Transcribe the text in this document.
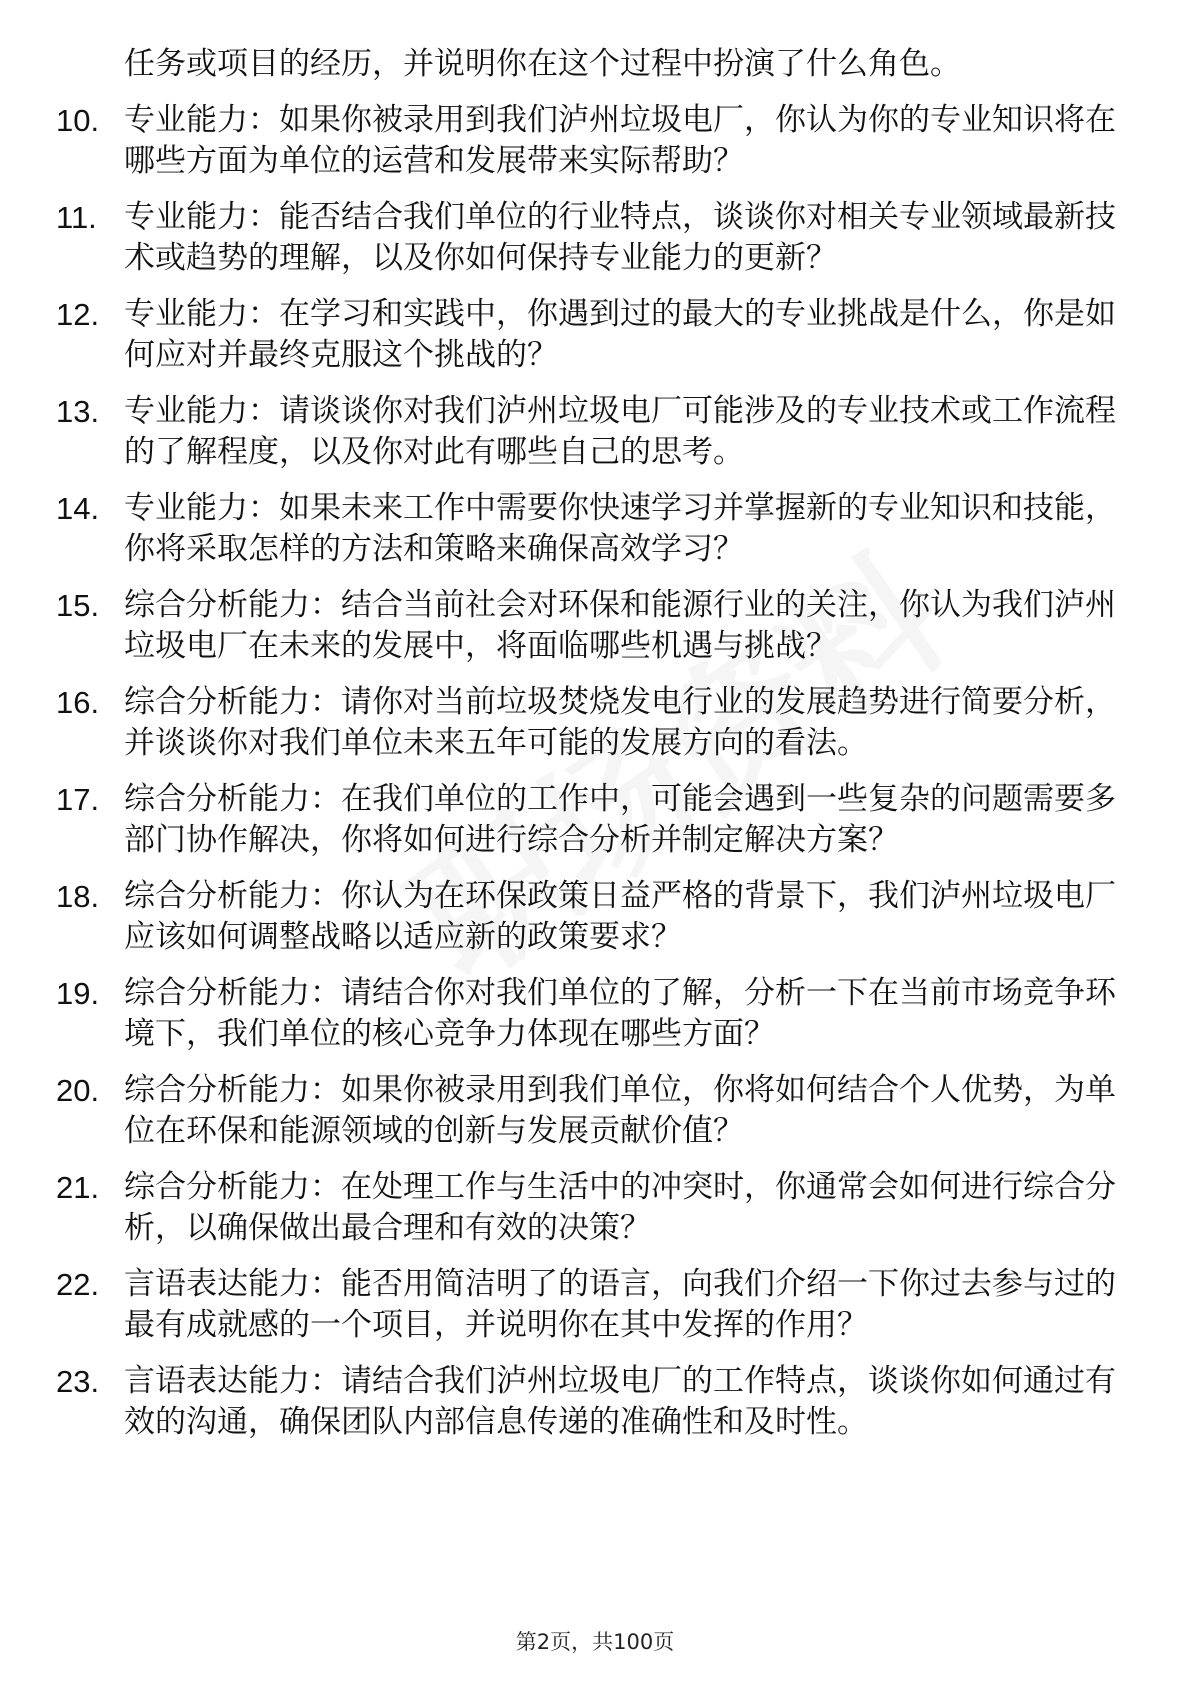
任务或项目的经历，并说明你在这个过程中扮演了什么角色。
10. 专业能力：如果你被录用到我们泸州垃圾电厂，你认为你的专业知识将在哪些方面为单位的运营和发展带来实际帮助？
11. 专业能力：能否结合我们单位的行业特点，谈谈你对相关专业领域最新技术或趋势的理解，以及你如何保持专业能力的更新？
12. 专业能力：在学习和实践中，你遇到过的最大的专业挑战是什么，你是如何应对并最终克服这个挑战的？
13. 专业能力：请谈谈你对我们泸州垃圾电厂可能涉及的专业技术或工作流程的了解程度，以及你对此有哪些自己的思考。
14. 专业能力：如果未来工作中需要你快速学习并掌握新的专业知识和技能，你将采取怎样的方法和策略来确保高效学习？
15. 综合分析能力：结合当前社会对环保和能源行业的关注，你认为我们泸州垃圾电厂在未来的发展中，将面临哪些机遇与挑战？
16. 综合分析能力：请你对当前垃圾焚烧发电行业的发展趋势进行简要分析，并谈谈你对我们单位未来五年可能的发展方向的看法。
17. 综合分析能力：在我们单位的工作中，可能会遇到一些复杂的问题需要多部门协作解决，你将如何进行综合分析并制定解决方案？
18. 综合分析能力：你认为在环保政策日益严格的背景下，我们泸州垃圾电厂应该如何调整战略以适应新的政策要求？
19. 综合分析能力：请结合你对我们单位的了解，分析一下在当前市场竞争环境下，我们单位的核心竞争力体现在哪些方面？
20. 综合分析能力：如果你被录用到我们单位，你将如何结合个人优势，为单位在环保和能源领域的创新与发展贡献价值？
21. 综合分析能力：在处理工作与生活中的冲突时，你通常会如何进行综合分析，以确保做出最合理和有效的决策？
22. 言语表达能力：能否用简洁明了的语言，向我们介绍一下你过去参与过的最有成就感的一个项目，并说明你在其中发挥的作用？
23. 言语表达能力：请结合我们泸州垃圾电厂的工作特点，谈谈你如何通过有效的沟通，确保团队内部信息传递的准确性和及时性。
第2页，共100页
